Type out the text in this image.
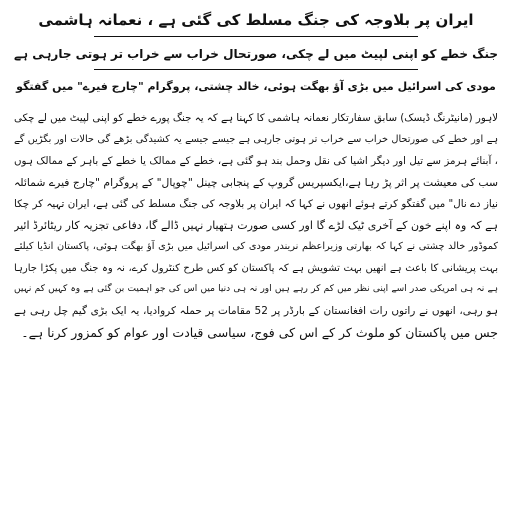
ایران پر بلاوجہ کی جنگ مسلط کی گئی ہے ، نعمانہ ہاشمی

جنگ خطے کو اپنی لپیٹ میں لے چکی، صورتحال خراب سے خراب تر ہوتی جارہی ہے

مودی کی اسرائیل میں بڑی آؤ بھگت ہوئی، خالد چشتی، پروگرام "چارج فیرے" میں گفتگو

لاہور (مانیٹرنگ ڈیسک) سابق سفارتکار نعمانہ ہاشمی کا کہنا ہے کہ یہ جنگ پورے خطے کو اپنی لپیٹ میں لے چکی
ہے اور خطے کی صورتحال خراب سے خراب تر ہوتی جارہی ہے جیسے جیسے یہ کشیدگی بڑھے گی حالات اور بگڑیں گے
، آبنائے ہرمز سے تیل اور دیگر اشیا کی نقل وحمل بند ہو گئی ہے، خطے کے ممالک یا خطے کے باہر کے ممالک ہوں
سب کی معیشت پر اثر پڑ رہا ہے،ایکسپریس گروپ کے پنجابی چینل "چوپال" کے پروگرام "چارج فیرے شمائلہ
نیاز دے نال" میں گفتگو کرتے ہوئے انھوں نے کہا کہ ایران پر بلاوجہ کی جنگ مسلط کی گئی ہے، ایران تہیہ کر چکا
ہے کہ وہ اپنے خون کے آخری ٹیک لڑے گا اور کسی صورت ہتھیار نہیں ڈالے گا، دفاعی تجزیہ کار ریٹائرڈ ائیر
کموڈور خالد چشتی نے کہا کہ بھارتی وزیراعظم نریندر مودی کی اسرائیل میں بڑی آؤ بھگت ہوئی، پاکستان انڈیا کیلئے
بہت پریشانی کا باعث ہے انھیں بہت تشویش ہے کہ پاکستان کو کس طرح کنٹرول کرے، نہ وہ جنگ میں پکڑا جارہا
ہے نہ ہی امریکی صدر اسے اپنی نظر میں کم کر رہے ہیں اور نہ ہی دنیا میں اس کی جو اہمیت بن گئی ہے وہ کہیں کم نہیں
ہو رہی، انھوں نے راتوں رات افغانستان کے بارڈر پر 52 مقامات پر حملہ کروادیا، یہ ایک بڑی گیم چل رہی ہے
جس میں پاکستان کو ملوث کر کے اس کی فوج، سیاسی قیادت اور عوام کو کمزور کرنا ہے۔
